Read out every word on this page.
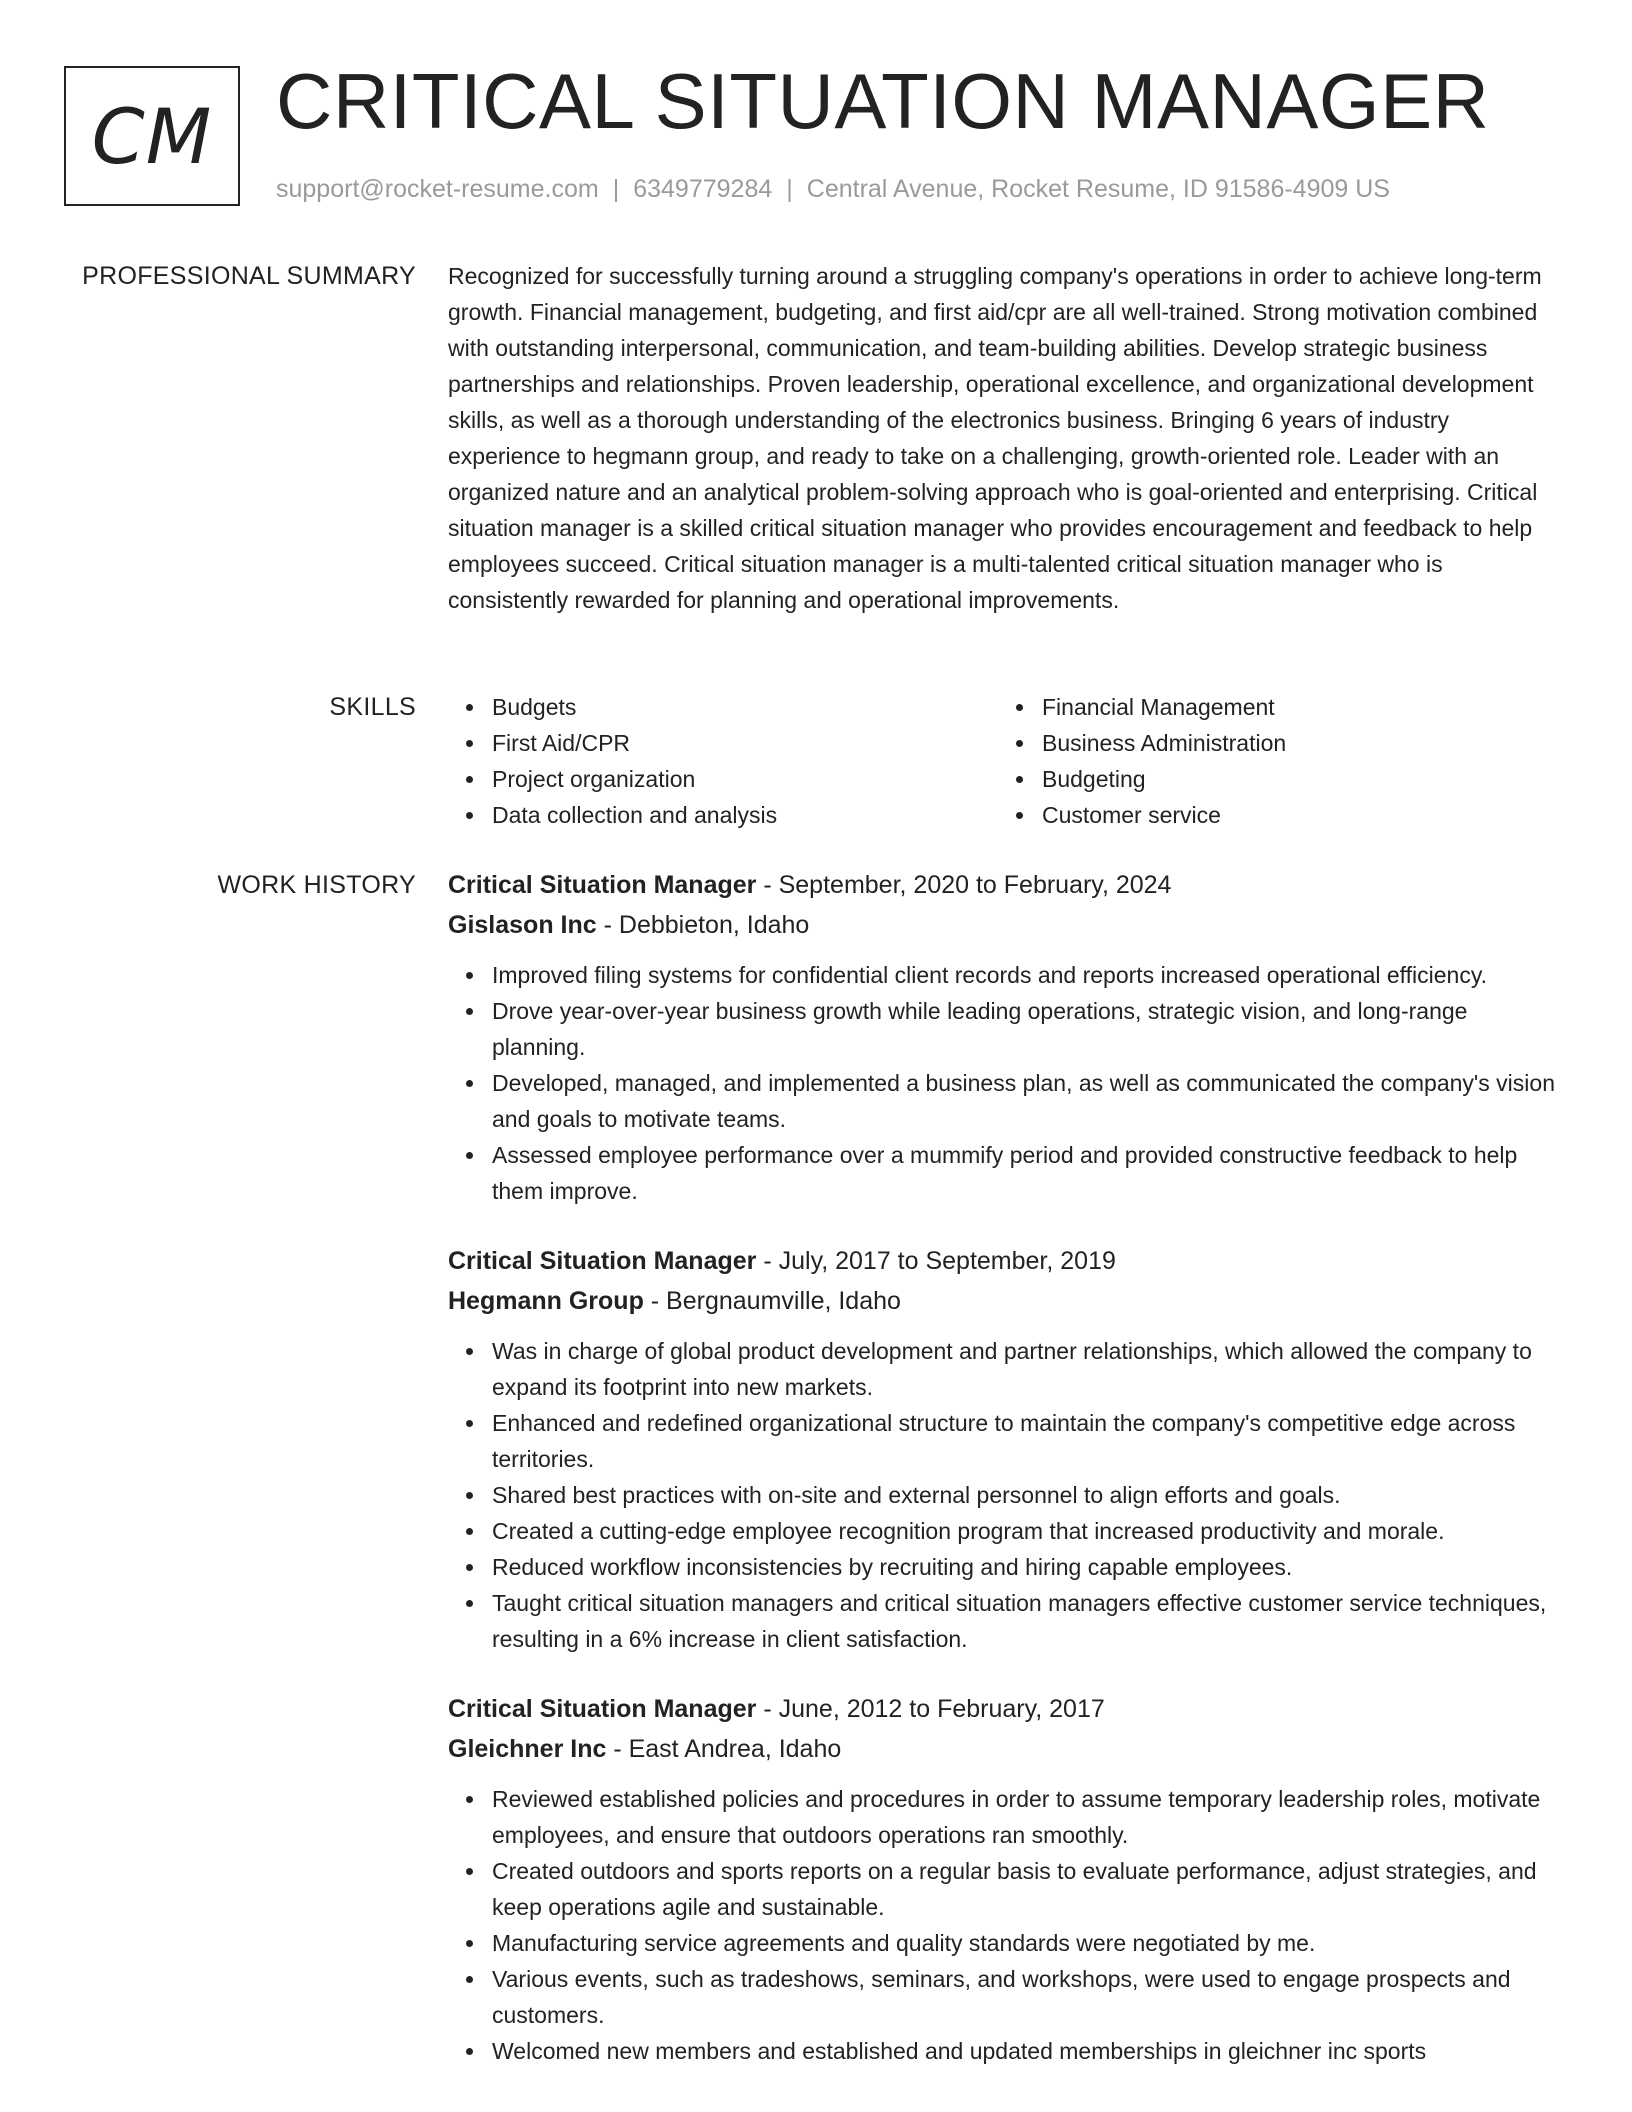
CM CRITICAL SITUATION MANAGER
support@rocket-resume.com | 6349779284 | Central Avenue, Rocket Resume, ID 91586-4909 US
PROFESSIONAL SUMMARY Recognized for successfully turning around a struggling company's operations in order to achieve long-term growth. Financial management, budgeting, and first aid/cpr are all well-trained. Strong motivation combined with outstanding interpersonal, communication, and team-building abilities. Develop strategic business partnerships and relationships. Proven leadership, operational excellence, and organizational development skills, as well as a thorough understanding of the electronics business. Bringing 6 years of industry experience to hegmann group, and ready to take on a challenging, growth-oriented role. Leader with an organized nature and an analytical problem-solving approach who is goal-oriented and enterprising. Critical situation manager is a skilled critical situation manager who provides encouragement and feedback to help employees succeed. Critical situation manager is a multi-talented critical situation manager who is consistently rewarded for planning and operational improvements.

SKILLS	Budgets
First Aid/CPR
Project organization
Data collection and analysis
Financial Management
Business Administration
Budgeting
Customer service
WORK HISTORY Critical Situation Manager - September, 2020 to February, 2024
Gislason Inc - Debbieton, Idaho
Improved filing systems for confidential client records and reports increased operational efficiency.
Drove year-over-year business growth while leading operations, strategic vision, and long-range planning.
Developed, managed, and implemented a business plan, as well as communicated the company's vision and goals to motivate teams.
Assessed employee performance over a mummify period and provided constructive feedback to help them improve.
Critical Situation Manager - July, 2017 to September, 2019
Hegmann Group - Bergnaumville, Idaho
Was in charge of global product development and partner relationships, which allowed the company to expand its footprint into new markets.
Enhanced and redefined organizational structure to maintain the company's competitive edge across territories.
Shared best practices with on-site and external personnel to align efforts and goals.
Created a cutting-edge employee recognition program that increased productivity and morale.
Reduced workflow inconsistencies by recruiting and hiring capable employees.
Taught critical situation managers and critical situation managers effective customer service techniques, resulting in a 6% increase in client satisfaction.
Critical Situation Manager - June, 2012 to February, 2017
Gleichner Inc - East Andrea, Idaho
Reviewed established policies and procedures in order to assume temporary leadership roles, motivate employees, and ensure that outdoors operations ran smoothly.
Created outdoors and sports reports on a regular basis to evaluate performance, adjust strategies, and keep operations agile and sustainable.
Manufacturing service agreements and quality standards were negotiated by me.
Various events, such as tradeshows, seminars, and workshops, were used to engage prospects and customers.
Welcomed new members and established and updated memberships in gleichner inc sports
